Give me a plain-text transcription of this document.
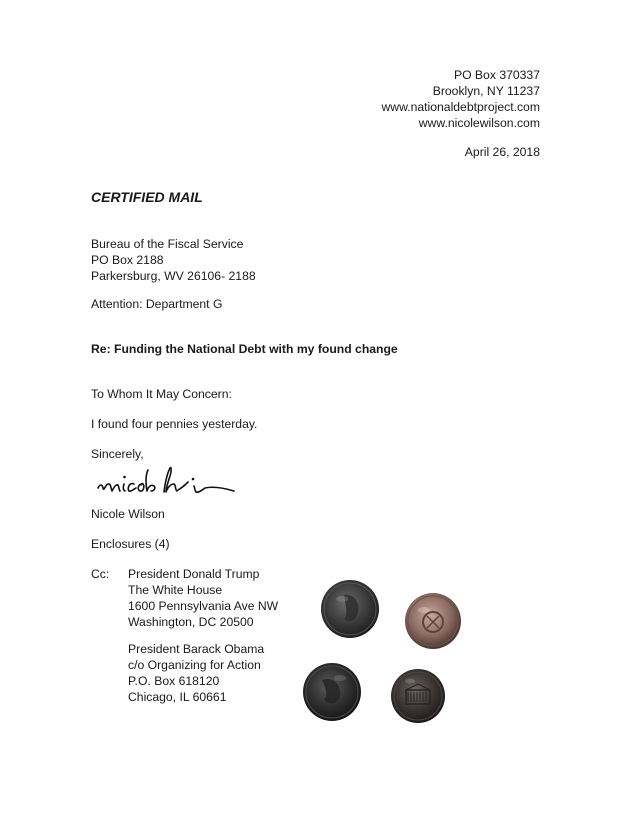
PO Box 370337
Brooklyn, NY 11237
www.nationaldebtproject.com
www.nicolewilson.com
April 26, 2018
CERTIFIED MAIL
Bureau of the Fiscal Service
PO Box 2188
Parkersburg, WV 26106- 2188
Attention: Department G
Re: Funding the National Debt with my found change
To Whom It May Concern:
I found four pennies yesterday.
Sincerely,
Nicole Wilson
Enclosures (4)
Cc: President Donald Trump
The White House
1600 Pennsylvania Ave NW
Washington, DC 20500
President Barack Obama
c/o Organizing for Action
P.O. Box 618120
Chicago, IL 60661
